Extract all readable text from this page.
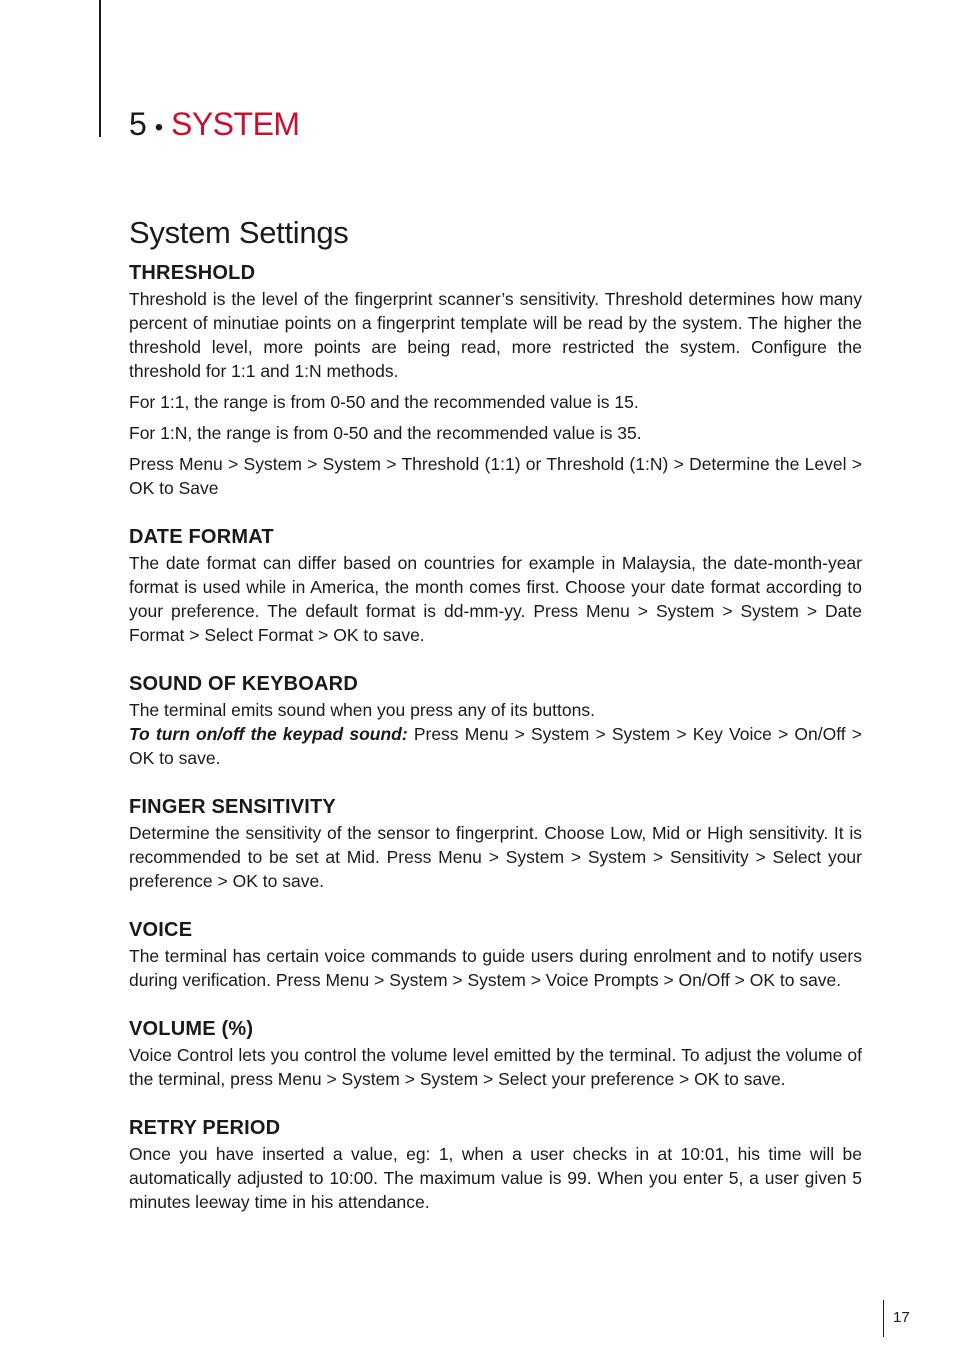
5 • SYSTEM
System Settings
THRESHOLD

Threshold is the level of the fingerprint scanner’s sensitivity. Threshold determines how many percent of minutiae points on a fingerprint template will be read by the system. The higher the threshold level, more points are being read, more restricted the system. Configure the threshold for 1:1 and 1:N methods.

For 1:1, the range is from 0-50 and the recommended value is 15.

For 1:N, the range is from 0-50 and the recommended value is 35.

Press Menu > System > System > Threshold (1:1) or Threshold (1:N) > Determine the Level > OK to Save

DATE FORMAT

The date format can differ based on countries for example in Malaysia, the date-month-year format is used while in America, the month comes first. Choose your date format according to your preference. The default format is dd-mm-yy. Press Menu > System > System > Date Format > Select Format > OK to save.

SOUND OF KEYBOARD

The terminal emits sound when you press any of its buttons.

To turn on/off the keypad sound: Press Menu > System > System > Key Voice > On/Off > OK to save.

FINGER SENSITIVITY

Determine the sensitivity of the sensor to fingerprint. Choose Low, Mid or High sensitivity. It is recommended to be set at Mid. Press Menu > System > System > Sensitivity > Select your preference > OK to save.

VOICE

The terminal has certain voice commands to guide users during enrolment and to notify users during verification. Press Menu > System > System > Voice Prompts > On/Off > OK to save.

VOLUME (%)

Voice Control lets you control the volume level emitted by the terminal. To adjust the volume of the terminal, press Menu > System > System > Select your preference > OK to save.

RETRY PERIOD

Once you have inserted a value, eg: 1, when a user checks in at 10:01, his time will be automatically adjusted to 10:00. The maximum value is 99. When you enter 5, a user given 5 minutes leeway time in his attendance.

17
